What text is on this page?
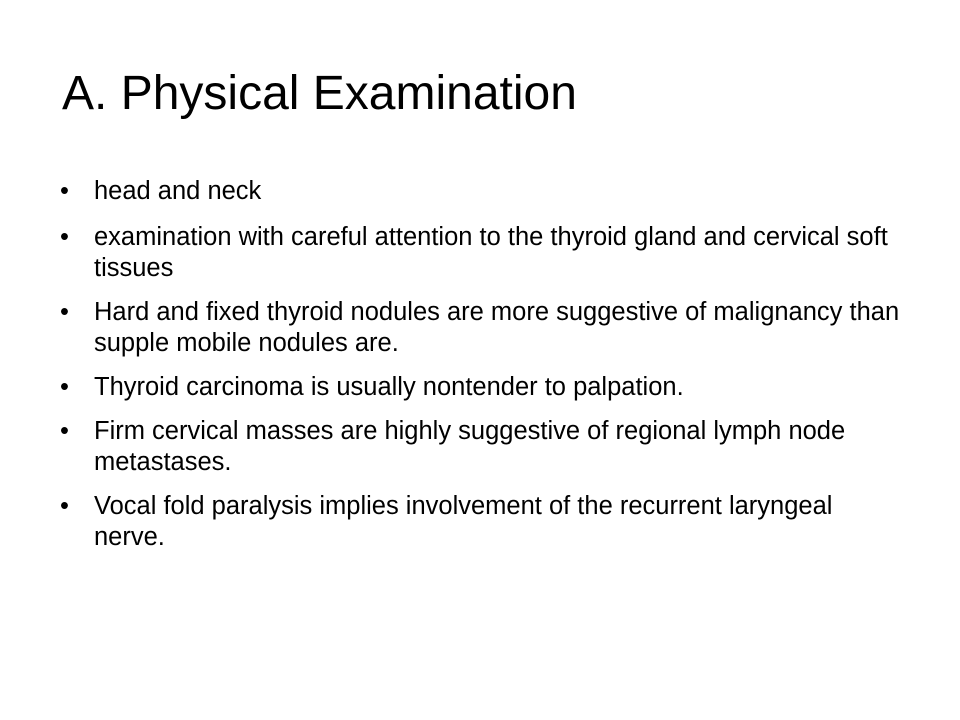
A. Physical Examination
• head and neck
• examination with careful attention to the thyroid gland and cervical soft tissues
• Hard and fixed thyroid nodules are more suggestive of malignancy than supple mobile nodules are.
• Thyroid carcinoma is usually nontender to palpation.
• Firm cervical masses are highly suggestive of regional lymph node metastases.
• Vocal fold paralysis implies involvement of the recurrent laryngeal nerve.
